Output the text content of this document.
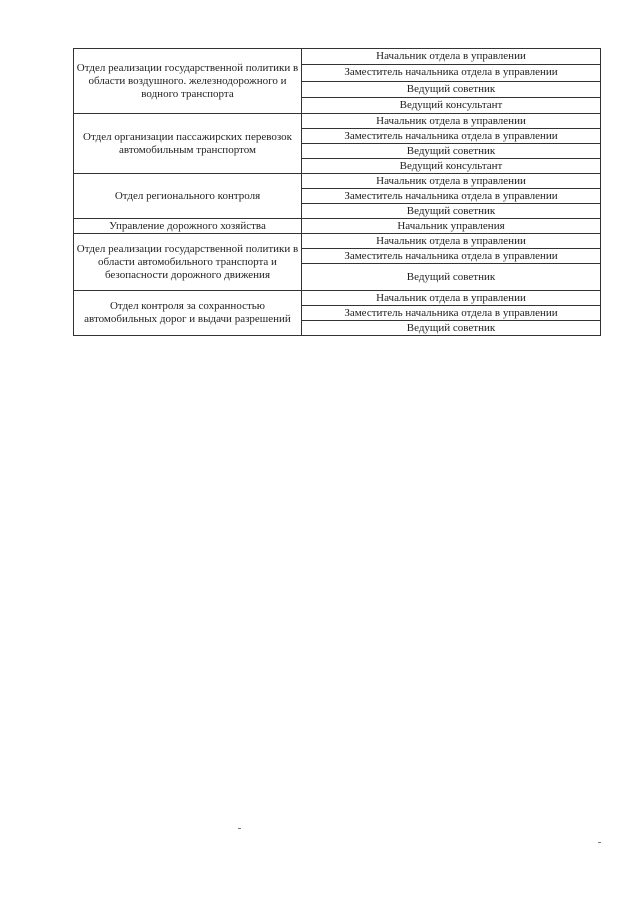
Отдел реализации государственной политики в области воздушного. железнодорожного и водного транспорта	Начальник отдела в управлении
	Заместитель начальника отдела в управлении
	Ведущий советник
	Ведущий консультант
Отдел организации пассажирских перевозок автомобильным транспортом	Начальник отдела в управлении
	Заместитель начальника отдела в управлении
	Ведущий советник
	Ведущий консультант
Отдел регионального контроля	Начальник отдела в управлении
	Заместитель начальника отдела в управлении
	Ведущий советник
Управление дорожного хозяйства	Начальник управления
Отдел реализации государственной политики в области автомобильного транспорта и безопасности дорожного движения	Начальник отдела в управлении
	Заместитель начальника отдела в управлении
	Ведущий советник
Отдел контроля за сохранностью автомобильных дорог и выдачи разрешений	Начальник отдела в управлении
	Заместитель начальника отдела в управлении
	Ведущий советник
